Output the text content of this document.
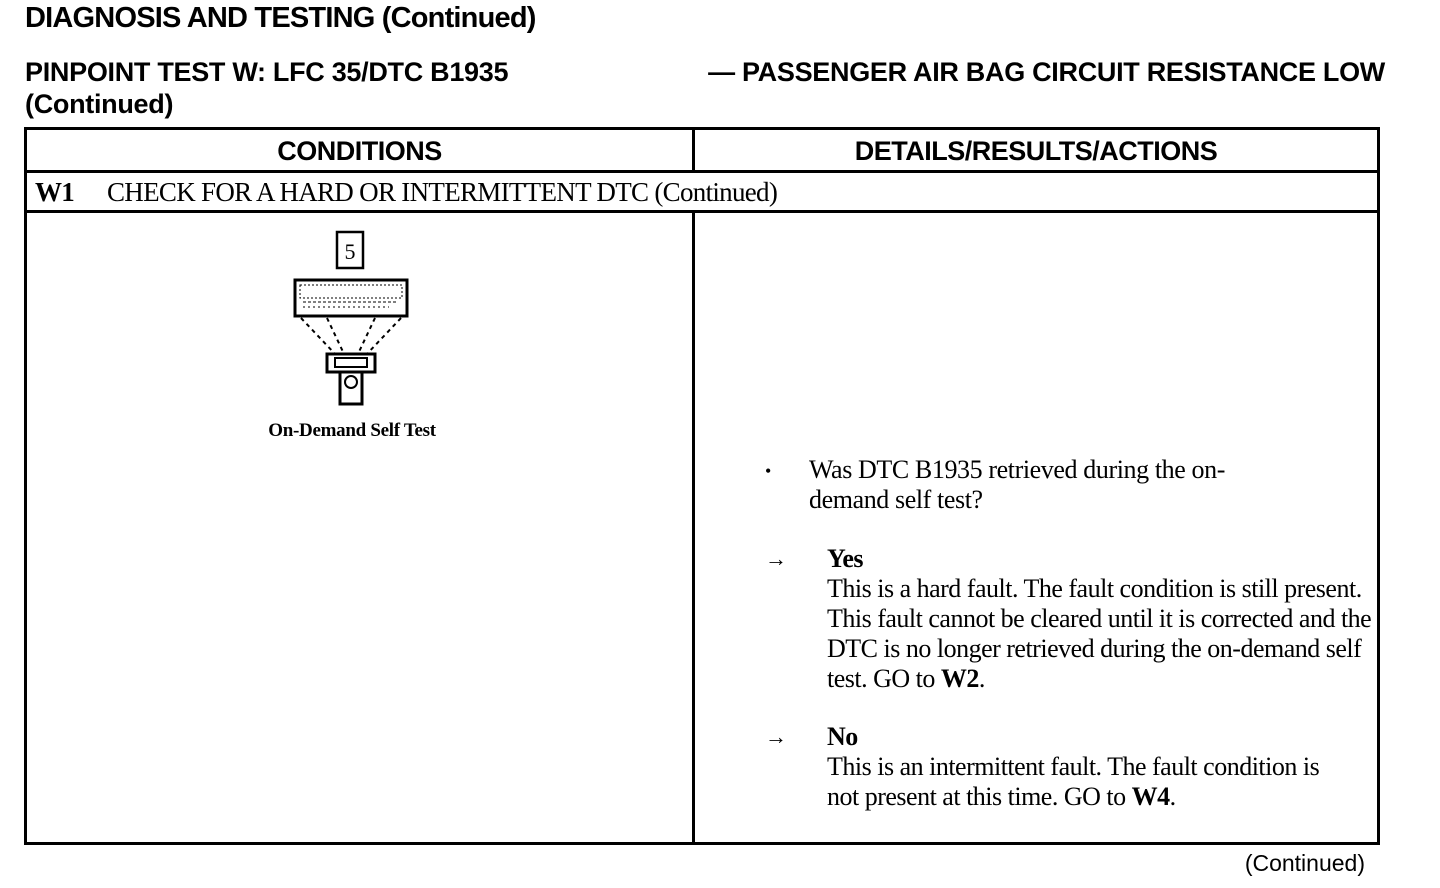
DIAGNOSIS AND TESTING (Continued)
PINPOINT TEST W: LFC 35/DTC B1935	— PASSENGER AIR BAG CIRCUIT RESISTANCE LOW
(Continued)
CONDITIONS	DETAILS/RESULTS/ACTIONS
W1	CHECK FOR A HARD OR INTERMITTENT DTC (Continued)
5
On-Demand Self Test
•	Was DTC B1935 retrieved during the on-demand self test?
→	Yes
This is a hard fault. The fault condition is still present. This fault cannot be cleared until it is corrected and the DTC is no longer retrieved during the on-demand self test. GO to W2.
→	No
This is an intermittent fault. The fault condition is not present at this time. GO to W4.
(Continued)
